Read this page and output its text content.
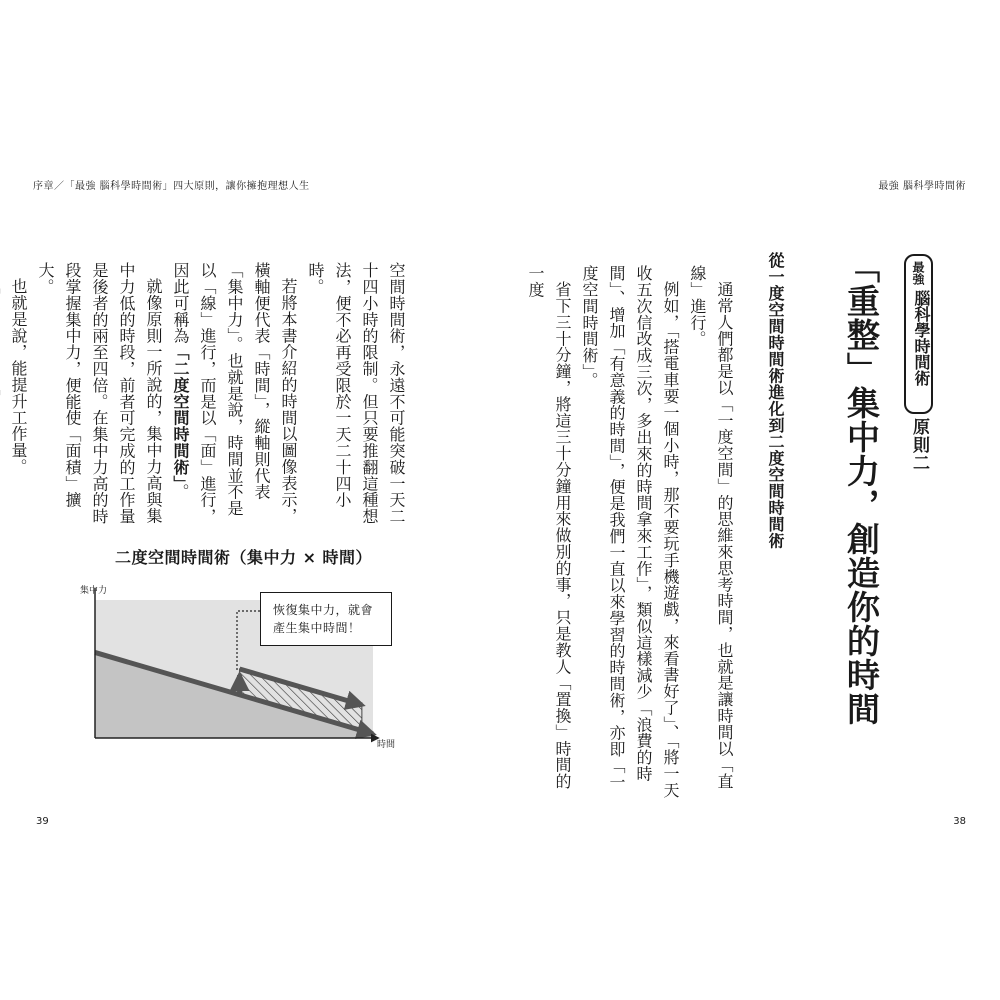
序章／「最強 腦科學時間術」四大原則，讓你擁抱理想人生	最強 腦科學時間術
39	38
最強
腦科學時間術
原則二
「重整」集中力，創造你的時間
從一度空間時間術進化到二度空間時間術

通常人們都是以「一度空間」的思維來思考時間，也就是讓時間以「直線」進行。

例如，「搭電車要一個小時，那不要玩手機遊戲，來看書好了」、「將一天收五次信改成三次，多出來的時間拿來工作」，類似這樣減少「浪費的時間」、增加「有意義的時間」，便是我們一直以來學習的時間術，亦即「一度空間時間術」。

省下三十分鐘，將這三十分鐘用來做別的事，只是教人「置換」時間的一度

空間時間術，永遠不可能突破一天二十四小時的限制。但只要推翻這種想法，便不必再受限於一天二十四小時。

若將本書介紹的時間以圖像表示，橫軸便代表「時間」，縱軸則代表「集中力」。也就是說，時間並不是以「線」進行，而是以「面」進行，因此可稱為「二度空間時間術」。

就像原則一所說的，集中力高與集中力低的時段，前者可完成的工作量是後者的兩至四倍。在集中力高的時段掌握集中力，便能使「面積」擴大。

也就是說，能提升工作量。

二度空間時間術（集中力 × 時間）
集中力
時間
恢復集中力，就會
產生集中時間！
